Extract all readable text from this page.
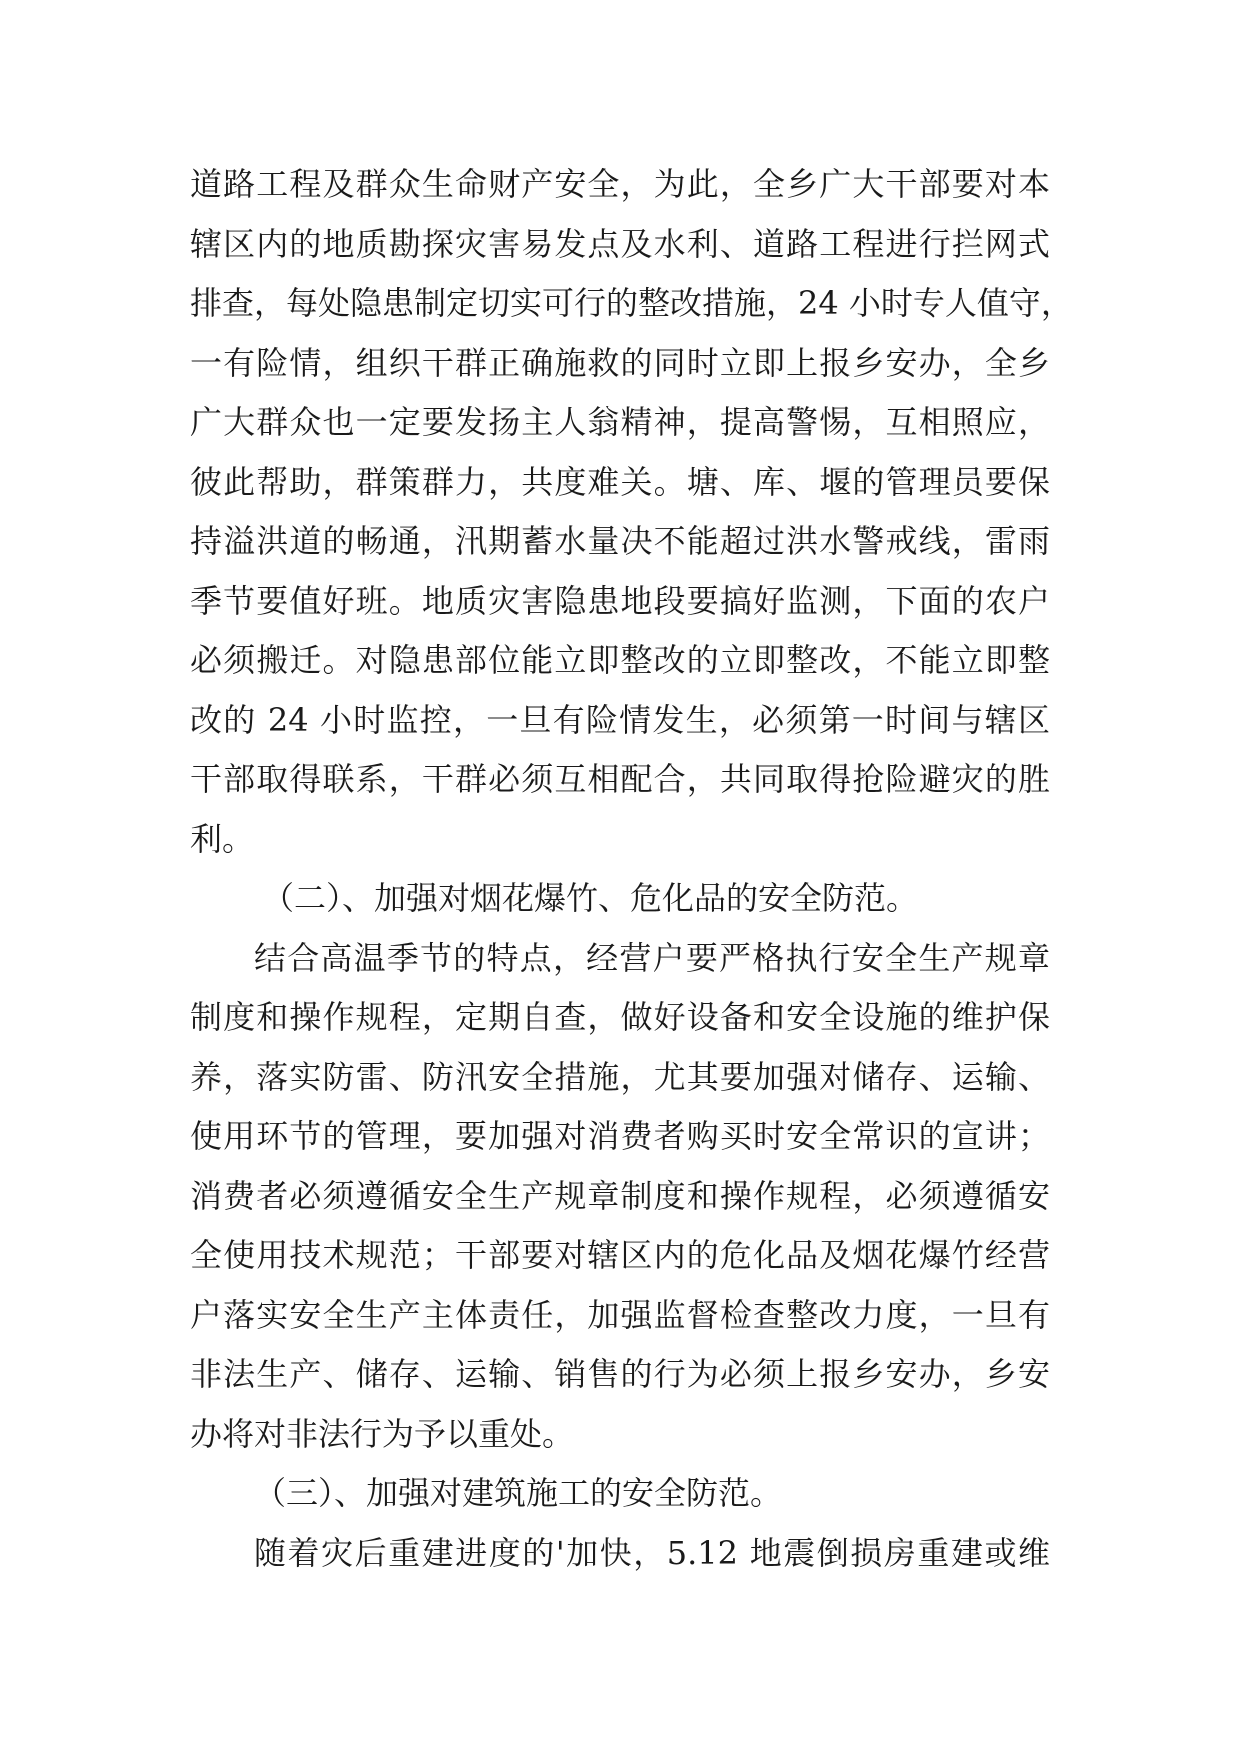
道路工程及群众生命财产安全，为此，全乡广大干部要对本
辖区内的地质勘探灾害易发点及水利、道路工程进行拦网式
排查，每处隐患制定切实可行的整改措施，24 小时专人值守，
一有险情，组织干群正确施救的同时立即上报乡安办，全乡
广大群众也一定要发扬主人翁精神，提高警惕，互相照应，
彼此帮助，群策群力，共度难关。塘、库、堰的管理员要保
持溢洪道的畅通，汛期蓄水量决不能超过洪水警戒线，雷雨
季节要值好班。地质灾害隐患地段要搞好监测，下面的农户
必须搬迁。对隐患部位能立即整改的立即整改，不能立即整
改的 24 小时监控，一旦有险情发生，必须第一时间与辖区
干部取得联系，干群必须互相配合，共同取得抢险避灾的胜
利。
（二）、加强对烟花爆竹、危化品的安全防范。
结合高温季节的特点，经营户要严格执行安全生产规章
制度和操作规程，定期自查，做好设备和安全设施的维护保
养，落实防雷、防汛安全措施，尤其要加强对储存、运输、
使用环节的管理，要加强对消费者购买时安全常识的宣讲；
消费者必须遵循安全生产规章制度和操作规程，必须遵循安
全使用技术规范；干部要对辖区内的危化品及烟花爆竹经营
户落实安全生产主体责任，加强监督检查整改力度，一旦有
非法生产、储存、运输、销售的行为必须上报乡安办，乡安
办将对非法行为予以重处。
（三）、加强对建筑施工的安全防范。
随着灾后重建进度的'加快，5.12 地震倒损房重建或维
